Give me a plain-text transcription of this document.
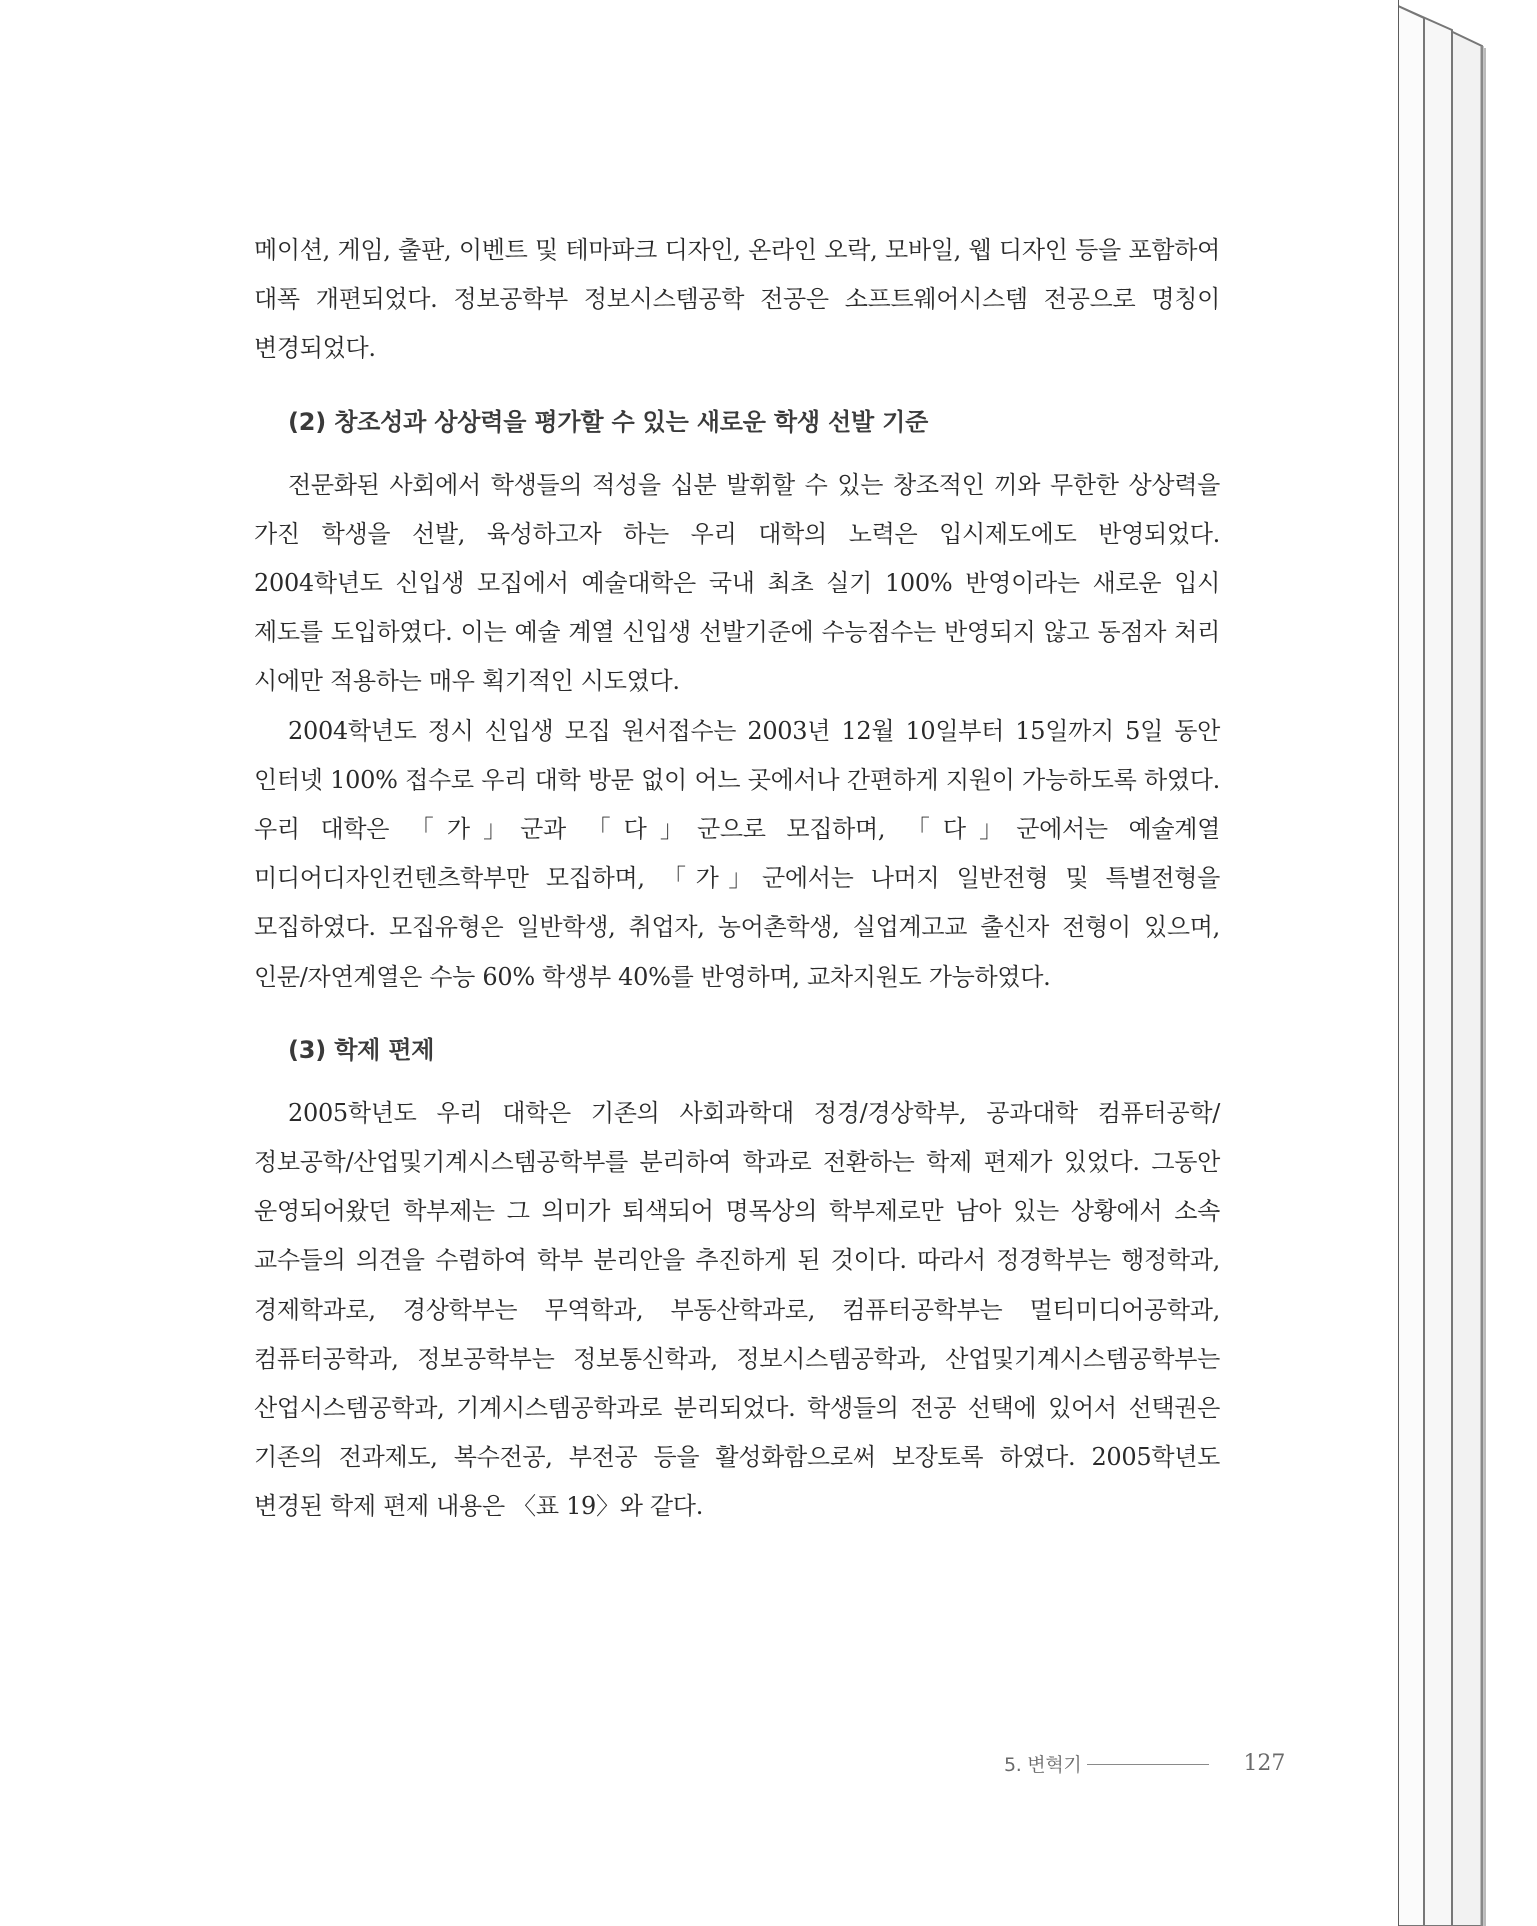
메이션, 게임, 출판, 이벤트 및 테마파크 디자인, 온라인 오락, 모바일, 웹 디자인 등을 포함하여 대폭 개편되었다. 정보공학부 정보시스템공학 전공은 소프트웨어시스템 전공으로 명칭이 변경되었다.

(2) 창조성과 상상력을 평가할 수 있는 새로운 학생 선발 기준

전문화된 사회에서 학생들의 적성을 십분 발휘할 수 있는 창조적인 끼와 무한한 상상력을 가진 학생을 선발, 육성하고자 하는 우리 대학의 노력은 입시제도에도 반영되었다. 2004학년도 신입생 모집에서 예술대학은 국내 최초 실기 100% 반영이라는 새로운 입시 제도를 도입하였다. 이는 예술 계열 신입생 선발기준에 수능점수는 반영되지 않고 동점자 처리 시에만 적용하는 매우 획기적인 시도였다.

2004학년도 정시 신입생 모집 원서접수는 2003년 12월 10일부터 15일까지 5일 동안 인터넷 100% 접수로 우리 대학 방문 없이 어느 곳에서나 간편하게 지원이 가능하도록 하였다. 우리 대학은 「가」군과 「다」군으로 모집하며, 「다」군에서는 예술계열 미디어디자인컨텐츠학부만 모집하며, 「가」군에서는 나머지 일반전형 및 특별전형을 모집하였다. 모집유형은 일반학생, 취업자, 농어촌학생, 실업계고교 출신자 전형이 있으며, 인문/자연계열은 수능 60% 학생부 40%를 반영하며, 교차지원도 가능하였다.

(3) 학제 편제

2005학년도 우리 대학은 기존의 사회과학대 정경/경상학부, 공과대학 컴퓨터공학/정보공학/산업및기계시스템공학부를 분리하여 학과로 전환하는 학제 편제가 있었다. 그동안 운영되어왔던 학부제는 그 의미가 퇴색되어 명목상의 학부제로만 남아 있는 상황에서 소속 교수들의 의견을 수렴하여 학부 분리안을 추진하게 된 것이다. 따라서 정경학부는 행정학과, 경제학과로, 경상학부는 무역학과, 부동산학과로, 컴퓨터공학부는 멀티미디어공학과, 컴퓨터공학과, 정보공학부는 정보통신학과, 정보시스템공학과, 산업및기계시스템공학부는 산업시스템공학과, 기계시스템공학과로 분리되었다. 학생들의 전공 선택에 있어서 선택권은 기존의 전과제도, 복수전공, 부전공 등을 활성화함으로써 보장토록 하였다. 2005학년도 변경된 학제 편제 내용은 〈표 19〉와 같다.

5. 변혁기	127
